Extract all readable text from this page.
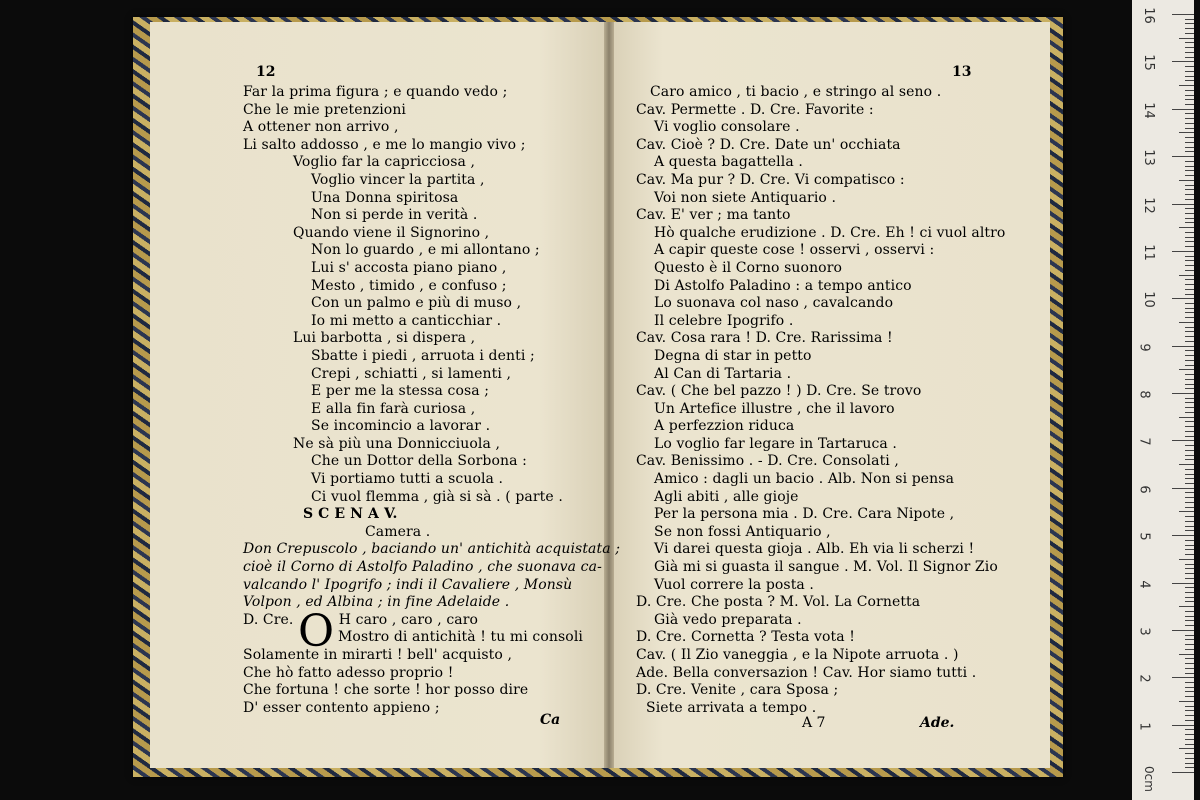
12	13
Far la prima figura ; e quando vedo ;
Che le mie pretenzioni
A ottener non arrivo ,
Li salto addosso , e me lo mangio vivo ;
Voglio far la capricciosa ,
Voglio vincer la partita ,
Una Donna spiritosa
Non si perde in verità .
Quando viene il Signorino ,
Non lo guardo , e mi allontano ;
Lui s' accosta piano piano ,
Mesto , timido , e confuso ;
Con un palmo e più di muso ,
Io mi metto a canticchiar .
Lui barbotta , si dispera ,
Sbatte i piedi , arruota i denti ;
Crepi , schiatti , si lamenti ,
E per me la stessa cosa ;
E alla fin farà curiosa ,
Se incomincio a lavorar .
Ne sà più una Donnicciuola ,
Che un Dottor della Sorbona :
Vi portiamo tutti a scuola .
Ci vuol flemma , già si sà . ( parte .
S C E N A V.
Camera .
Don Crepuscolo , baciando un' antichità acquistata ;
cioè il Corno di Astolfo Paladino , che suonava ca-
valcando l' Ipogrifo ; indi il Cavaliere , Monsù
Volpon , ed Albina ; in fine Adelaide .
D. Cre. O H caro , caro , caro
Mostro di antichità ! tu mi consoli
Solamente in mirarti ! bell' acquisto ,
Che hò fatto adesso proprio !
Che fortuna ! che sorte ! hor posso dire
D' esser contento appieno ;
Caro amico , ti bacio , e stringo al seno .
Cav. Permette . D. Cre. Favorite :
Vi voglio consolare .
Cav. Cioè ? D. Cre. Date un' occhiata
A questa bagattella .
Cav. Ma pur ? D. Cre. Vi compatisco :
Voi non siete Antiquario .
Cav. E' ver ; ma tanto
Hò qualche erudizione . D. Cre. Eh ! ci vuol altro
A capir queste cose ! osservi , osservi :
Questo è il Corno suonoro
Di Astolfo Paladino : a tempo antico
Lo suonava col naso , cavalcando
Il celebre Ipogrifo .
Cav. Cosa rara ! D. Cre. Rarissima !
Degna di star in petto
Al Can di Tartaria .
Cav. ( Che bel pazzo ! ) D. Cre. Se trovo
Un Artefice illustre , che il lavoro
A perfezzion riduca
Lo voglio far legare in Tartaruca .
Cav. Benissimo . - D. Cre. Consolati ,
Amico : dagli un bacio . Alb. Non si pensa
Agli abiti , alle gioje
Per la persona mia . D. Cre. Cara Nipote ,
Se non fossi Antiquario ,
Vi darei questa gioja . Alb. Eh via li scherzi !
Già mi si guasta il sangue . M. Vol. Il Signor Zio
Vuol correre la posta .
D. Cre. Che posta ? M. Vol. La Cornetta
Già vedo preparata .
D. Cre. Cornetta ? Testa vota !
Cav. ( Il Zio vaneggia , e la Nipote arruota . )
Ade. Bella conversazion ! Cav. Hor siamo tutti .
D. Cre. Venite , cara Sposa ;
Siete arrivata a tempo .
Ca	A 7	Ade.
0cm
1
2
3
4
5
6
7
8
9
10
11
12
13
14
15
16
